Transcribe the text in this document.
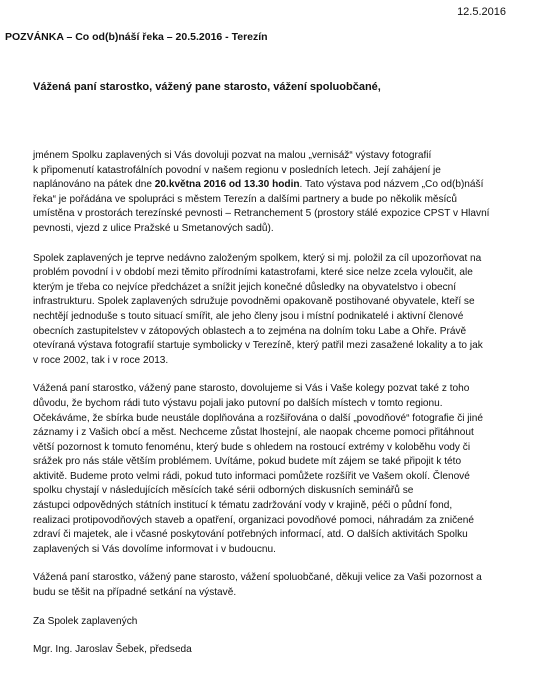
12.5.2016
POZVÁNKA – Co od(b)náší řeka – 20.5.2016 - Terezín
Vážená paní starostko, vážený pane starosto, vážení spoluobčané,

jménem Spolku zaplavených si Vás dovoluji pozvat na malou „vernisáž“ výstavy fotografií
k připomenutí katastrofálních povodní v našem regionu v posledních letech. Její zahájení je
naplánováno na pátek dne 20.května 2016 od 13.30 hodin. Tato výstava pod názvem „Co od(b)náší
řeka“ je pořádána ve spolupráci s městem Terezín a dalšími partnery a bude po několik měsíců
umístěna v prostorách terezínské pevnosti – Retranchement 5 (prostory stálé expozice CPST v Hlavní
pevnosti, vjezd z ulice Pražské u Smetanových sadů).

Spolek zaplavených je teprve nedávno založeným spolkem, který si mj. položil za cíl upozorňovat na
problém povodní i v období mezi těmito přírodními katastrofami, které sice nelze zcela vyloučit, ale
kterým je třeba co nejvíce předcházet a snížit jejich konečné důsledky na obyvatelstvo i obecní
infrastrukturu. Spolek zaplavených sdružuje povodněmi opakovaně postihované obyvatele, kteří se
nechtějí jednoduše s touto situací smířit, ale jeho členy jsou i místní podnikatelé i aktivní členové
obecních zastupitelstev v zátopových oblastech a to zejména na dolním toku Labe a Ohře. Právě
otevíraná výstava fotografií startuje symbolicky v Terezíně, který patřil mezi zasažené lokality a to jak
v roce 2002, tak i v roce 2013.

Vážená paní starostko, vážený pane starosto, dovolujeme si Vás i Vaše kolegy pozvat také z toho
důvodu, že bychom rádi tuto výstavu pojali jako putovní po dalších místech v tomto regionu.
Očekáváme, že sbírka bude neustále doplňována a rozšiřována o další „povodňové“ fotografie či jiné
záznamy i z Vašich obcí a měst. Nechceme zůstat lhostejní, ale naopak chceme pomoci přitáhnout
větší pozornost k tomuto fenoménu, který bude s ohledem na rostoucí extrémy v koloběhu vody či
srážek pro nás stále větším problémem. Uvítáme, pokud budete mít zájem se také připojit k této
aktivitě. Budeme proto velmi rádi, pokud tuto informaci pomůžete rozšířit ve Vašem okolí. Členové
spolku chystají v následujících měsících také sérii odborných diskusních seminářů se
zástupci odpovědných státních institucí k tématu zadržování vody v krajině, péči o půdní fond,
realizaci protipovodňových staveb a opatření, organizaci povodňové pomoci, náhradám za zničené
zdraví či majetek, ale i včasné poskytování potřebných informací, atd. O dalších aktivitách Spolku
zaplavených si Vás dovolíme informovat i v budoucnu.

Vážená paní starostko, vážený pane starosto, vážení spoluobčané, děkuji velice za Vaši pozornost a
budu se těšit na případné setkání na výstavě.

Za Spolek zaplavených

Mgr. Ing. Jaroslav Šebek, předseda
